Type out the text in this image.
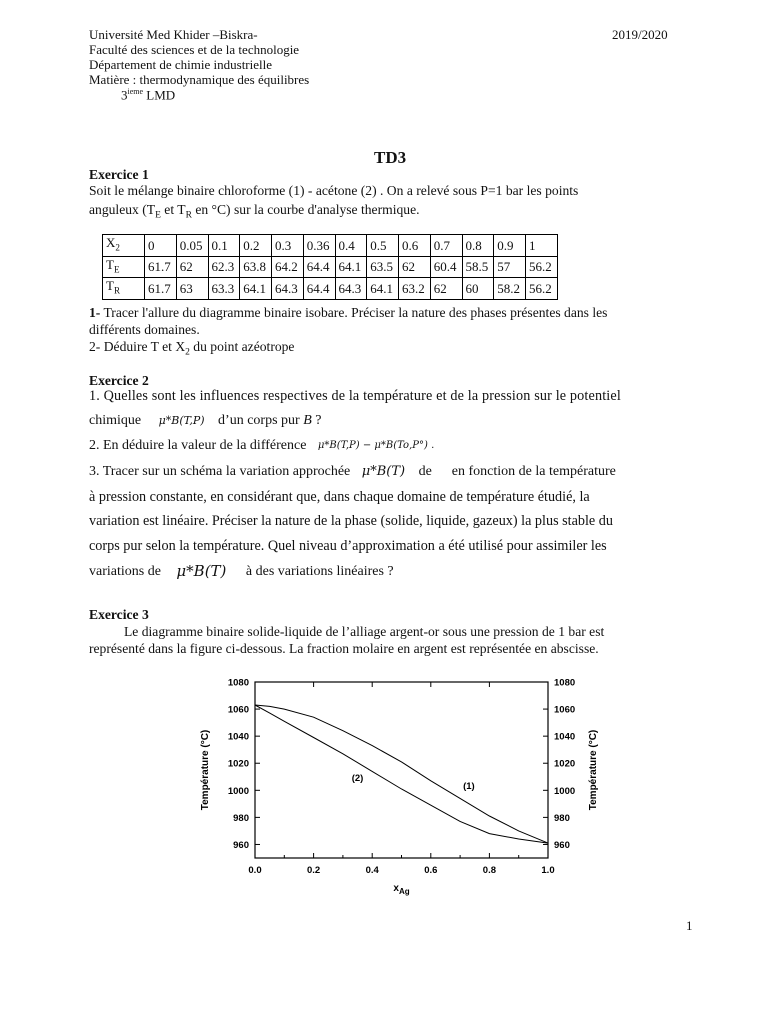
Université Med Khider –Biskra-	2019/2020
Faculté des sciences et de la technologie
Département de chimie industrielle
Matière : thermodynamique des équilibres
3ieme LMD
TD3
Exercice 1
Soit le mélange binaire chloroforme (1) - acétone (2) . On a relevé sous P=1 bar les points
anguleux ($T_E$ et $T_R$ en °C) sur la courbe d'analyse thermique.
$X_2$	0	0.05	0.1	0.2	0.3	0.36	0.4	0.5	0.6	0.7	0.8	0.9	1
$T_E$	61.7	62	62.3	63.8	64.2	64.4	64.1	63.5	62	60.4	58.5	57	56.2
$T_R$	61.7	63	63.3	64.1	64.3	64.4	64.3	64.1	63.2	62	60	58.2	56.2
1- Tracer l'allure du diagramme binaire isobare. Préciser la nature des phases présentes dans les
différents domaines.
2- Déduire T et $X_2$ du point azéotrope
Exercice 2
1. Quelles sont les influences respectives de la température et de la pression sur le potentiel
chimique μ*B(T,P) d’un corps pur B ?
2. En déduire la valeur de la différence μ*B(T,P) − μ*B(To,P°) .
3. Tracer sur un schéma la variation approchée μ*B(T) de en fonction de la température
à pression constante, en considérant que, dans chaque domaine de température étudié, la
variation est linéaire. Préciser la nature de la phase (solide, liquide, gazeux) la plus stable du
corps pur selon la température. Quel niveau d’approximation a été utilisé pour assimiler les
variations de μ*B(T) à des variations linéaires ?
Exercice 3
Le diagramme binaire solide-liquide de l’alliage argent-or sous une pression de 1 bar est
représenté dans la figure ci-dessous. La fraction molaire en argent est représentée en abscisse.
0.0	0.2	0.4	0.6	0.8	1.0
960	960
980	980
1000	1000
1020	1020
1040	1040
1060	1060
1080	1080
$x_{Ag}$
Température (°C)	Température (°C)
(1)
(2)
1
